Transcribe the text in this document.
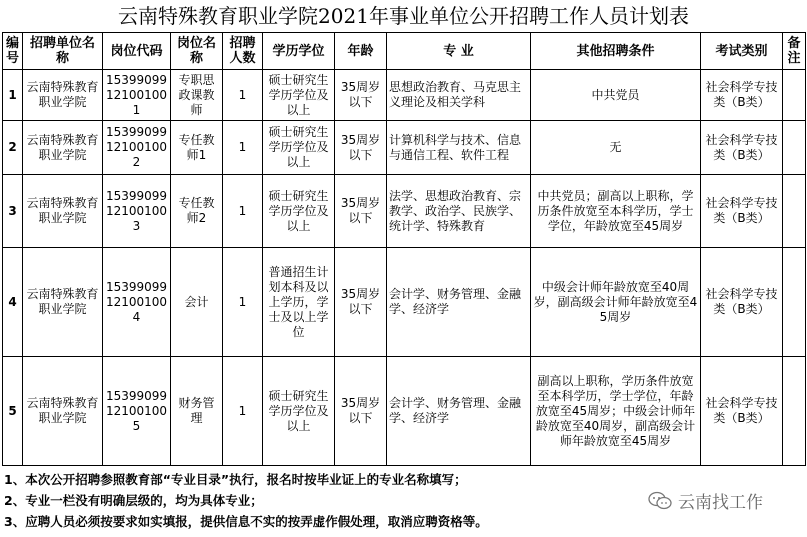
云南特殊教育职业学院2021年事业单位公开招聘工作人员计划表
编号	招聘单位名称	岗位代码	岗位名称	招聘人数	学历学位	年龄	专 业	其他招聘条件	考试类别	备注
1	云南特殊教育职业学院	153990991210010​01	专职思政课教师	1	硕士研究生学历学位及以上	35周岁以下	思想政治教育、马克思主义理论及相关学科	中共党员	社会科学专技类（B类）	
2	云南特殊教育职业学院	153990991210010​02	专任教师1	1	硕士研究生学历学位及以上	35周岁以下	计算机科学与技术、信息与通信工程、软件工程	无	社会科学专技类（B类）	
3	云南特殊教育职业学院	153990991210010​03	专任教师2	1	硕士研究生学历学位及以上	35周岁以下	法学、思想政治教育、宗教学、政治学、民族学、统计学、特殊教育	中共党员；副高以上职称，学历条件放宽至本科学历，学士学位，年龄放宽至45周岁	社会科学专技类（B类）	
4	云南特殊教育职业学院	153990991210010​04	会计	1	普通招生计划本科及以上学历，学士及以上学位	35周岁以下	会计学、财务管理、金融学、经济学	中级会计师年龄放宽至40周岁，副高级会计师年龄放宽至45周岁	社会科学专技类（B类）	
5	云南特殊教育职业学院	153990991210010​05	财务管理	1	硕士研究生学历学位及以上	35周岁以下	会计学、财务管理、金融学、经济学	副高以上职称，学历条件放宽至本科学历，学士学位，年龄放宽至45周岁；中级会计师年龄放宽至40周岁，副高级会计师年龄放宽至45周岁	社会科学专技类（B类）	
1、本次公开招聘参照教育部“专业目录”执行，报名时按毕业证上的专业名称填写；
2、专业一栏没有明确层级的，均为具体专业；
3、应聘人员必须按要求如实填报，提供信息不实的按弄虚作假处理，取消应聘资格等。
云南找工作
